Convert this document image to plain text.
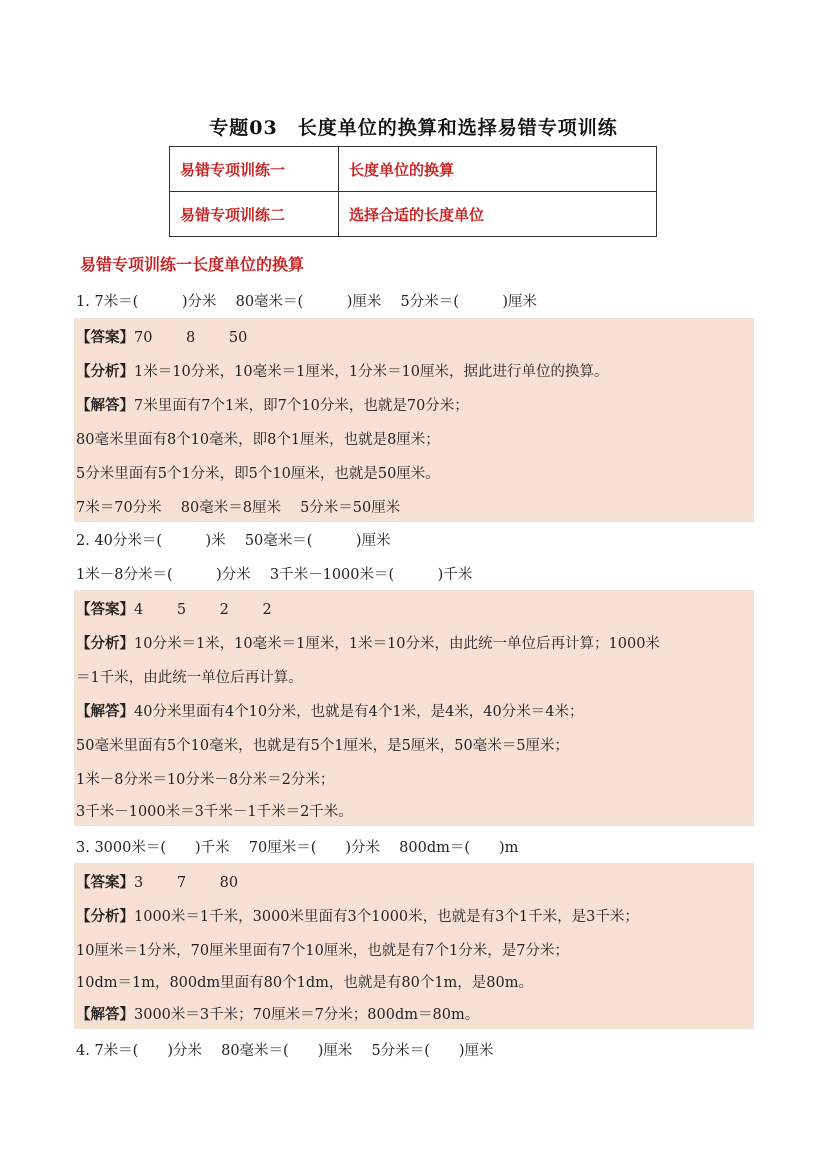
专题03　长度单位的换算和选择易错专项训练
易错专项训练一	长度单位的换算
易错专项训练二	选择合适的长度单位
易错专项训练一长度单位的换算
1. 7米＝(　　　)分米　 80毫米＝(　　　)厘米　 5分米＝(　　　)厘米
【答案】70　　 8　　 50
【分析】1米＝10分米，10毫米＝1厘米，1分米＝10厘米，据此进行单位的换算。
【解答】7米里面有7个1米，即7个10分米，也就是70分米；
80毫米里面有8个10毫米，即8个1厘米，也就是8厘米；
5分米里面有5个1分米，即5个10厘米，也就是50厘米。
7米＝70分米　 80毫米＝8厘米　 5分米＝50厘米
2. 40分米＝(　　　)米　 50毫米＝(　　　)厘米
1米－8分米＝(　　　)分米　 3千米－1000米＝(　　　)千米
【答案】4　　 5　　 2　　 2
【分析】10分米＝1米，10毫米＝1厘米，1米＝10分米，由此统一单位后再计算；1000米
＝1千米，由此统一单位后再计算。
【解答】40分米里面有4个10分米，也就是有4个1米，是4米，40分米＝4米；
50毫米里面有5个10毫米，也就是有5个1厘米，是5厘米，50毫米＝5厘米；
1米－8分米＝10分米－8分米＝2分米；
3千米－1000米＝3千米－1千米＝2千米。
3. 3000米＝(　　)千米　 70厘米＝(　　)分米　 800dm＝(　　)m
【答案】3　　 7　　 80
【分析】1000米＝1千米，3000米里面有3个1000米，也就是有3个1千米，是3千米；
10厘米＝1分米，70厘米里面有7个10厘米，也就是有7个1分米，是7分米；
10dm＝1m，800dm里面有80个1dm，也就是有80个1m，是80m。
【解答】3000米＝3千米；70厘米＝7分米；800dm＝80m。
4. 7米＝(　　)分米　 80毫米＝(　　)厘米　 5分米＝(　　)厘米
